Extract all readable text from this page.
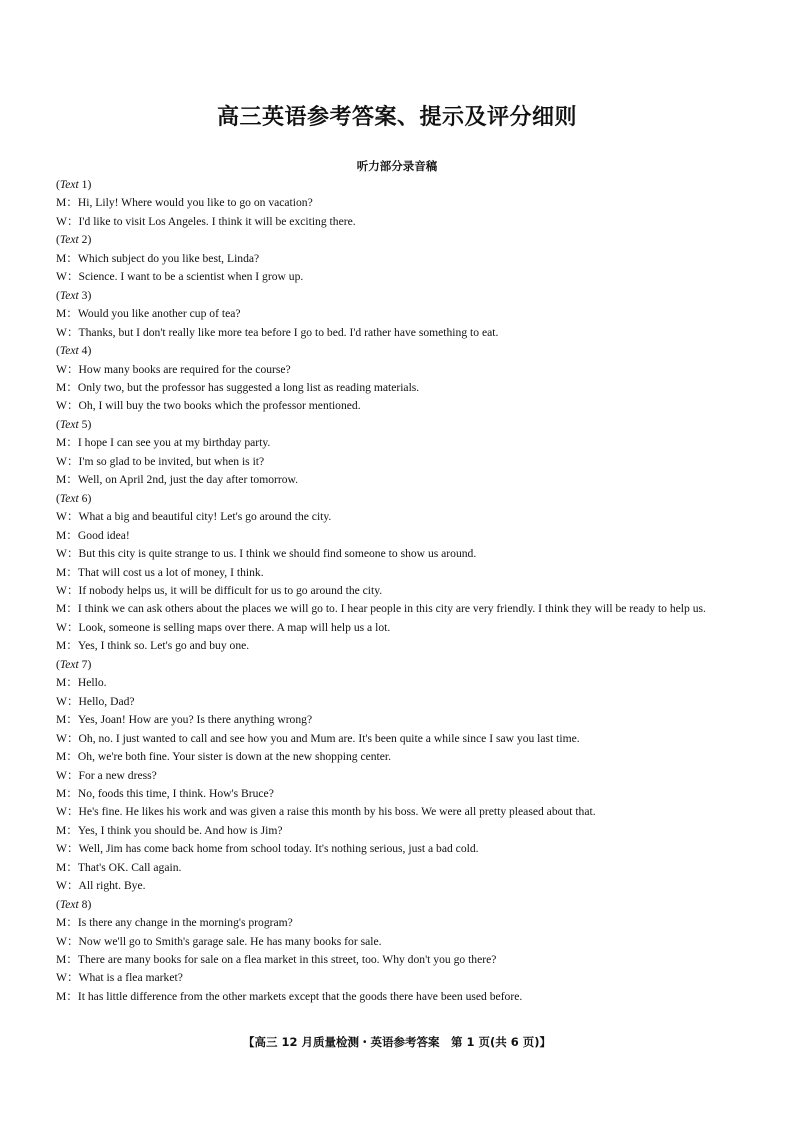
高三英语参考答案、提示及评分细则
听力部分录音稿
(Text 1)
M： Hi, Lily! Where would you like to go on vacation?
W： I'd like to visit Los Angeles. I think it will be exciting there.
(Text 2)
M： Which subject do you like best, Linda?
W： Science. I want to be a scientist when I grow up.
(Text 3)
M： Would you like another cup of tea?
W： Thanks, but I don't really like more tea before I go to bed. I'd rather have something to eat.
(Text 4)
W： How many books are required for the course?
M： Only two, but the professor has suggested a long list as reading materials.
W： Oh, I will buy the two books which the professor mentioned.
(Text 5)
M： I hope I can see you at my birthday party.
W： I'm so glad to be invited, but when is it?
M： Well, on April 2nd, just the day after tomorrow.
(Text 6)
W： What a big and beautiful city! Let's go around the city.
M： Good idea!
W： But this city is quite strange to us. I think we should find someone to show us around.
M： That will cost us a lot of money, I think.
W： If nobody helps us, it will be difficult for us to go around the city.
M： I think we can ask others about the places we will go to. I hear people in this city are very friendly. I think they will be ready to help us.
W： Look, someone is selling maps over there. A map will help us a lot.
M： Yes, I think so. Let's go and buy one.
(Text 7)
M： Hello.
W： Hello, Dad?
M： Yes, Joan! How are you? Is there anything wrong?
W： Oh, no. I just wanted to call and see how you and Mum are. It's been quite a while since I saw you last time.
M： Oh, we're both fine. Your sister is down at the new shopping center.
W： For a new dress?
M： No, foods this time, I think. How's Bruce?
W： He's fine. He likes his work and was given a raise this month by his boss. We were all pretty pleased about that.
M： Yes, I think you should be. And how is Jim?
W： Well, Jim has come back home from school today. It's nothing serious, just a bad cold.
M： That's OK. Call again.
W： All right. Bye.
(Text 8)
M： Is there any change in the morning's program?
W： Now we'll go to Smith's garage sale. He has many books for sale.
M： There are many books for sale on a flea market in this street, too. Why don't you go there?
W： What is a flea market?
M： It has little difference from the other markets except that the goods there have been used before.
【高三 12 月质量检测・英语参考答案　第 1 页(共 6 页)】
